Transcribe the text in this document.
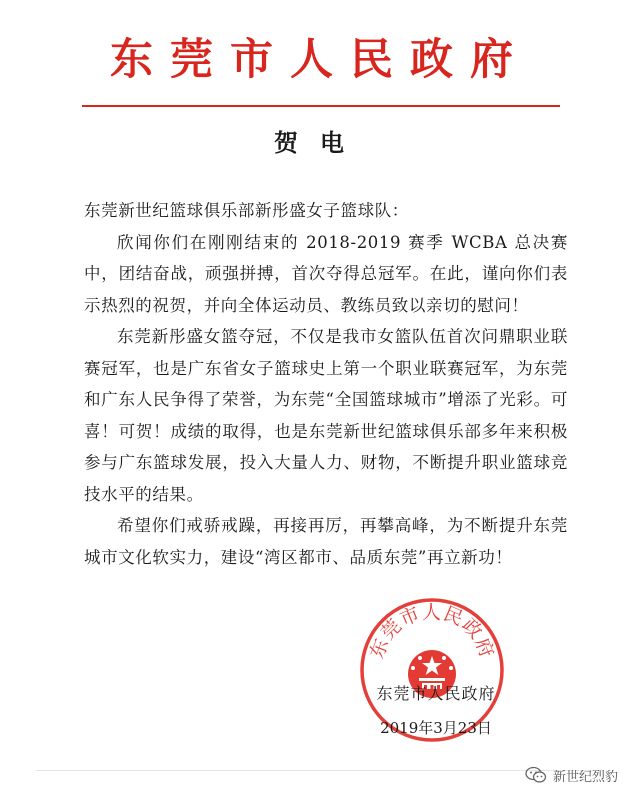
东莞市人民政府
贺电

东莞新世纪篮球俱乐部新彤盛女子篮球队：

欣闻你们在刚刚结束的 2018-2019 赛季 WCBA 总决赛中，团结奋战，顽强拼搏，首次夺得总冠军。在此，谨向你们表示热烈的祝贺，并向全体运动员、教练员致以亲切的慰问！

东莞新彤盛女篮夺冠，不仅是我市女篮队伍首次问鼎职业联赛冠军，也是广东省女子篮球史上第一个职业联赛冠军，为东莞和广东人民争得了荣誉，为东莞“全国篮球城市”增添了光彩。可喜！可贺！成绩的取得，也是东莞新世纪篮球俱乐部多年来积极参与广东篮球发展，投入大量人力、财物，不断提升职业篮球竞技水平的结果。

希望你们戒骄戒躁，再接再厉，再攀高峰，为不断提升东莞城市文化软实力，建设“湾区都市、品质东莞”再立新功！

东莞市人民政府
东莞市人民政府
2019年3月23日
新世纪烈豹
